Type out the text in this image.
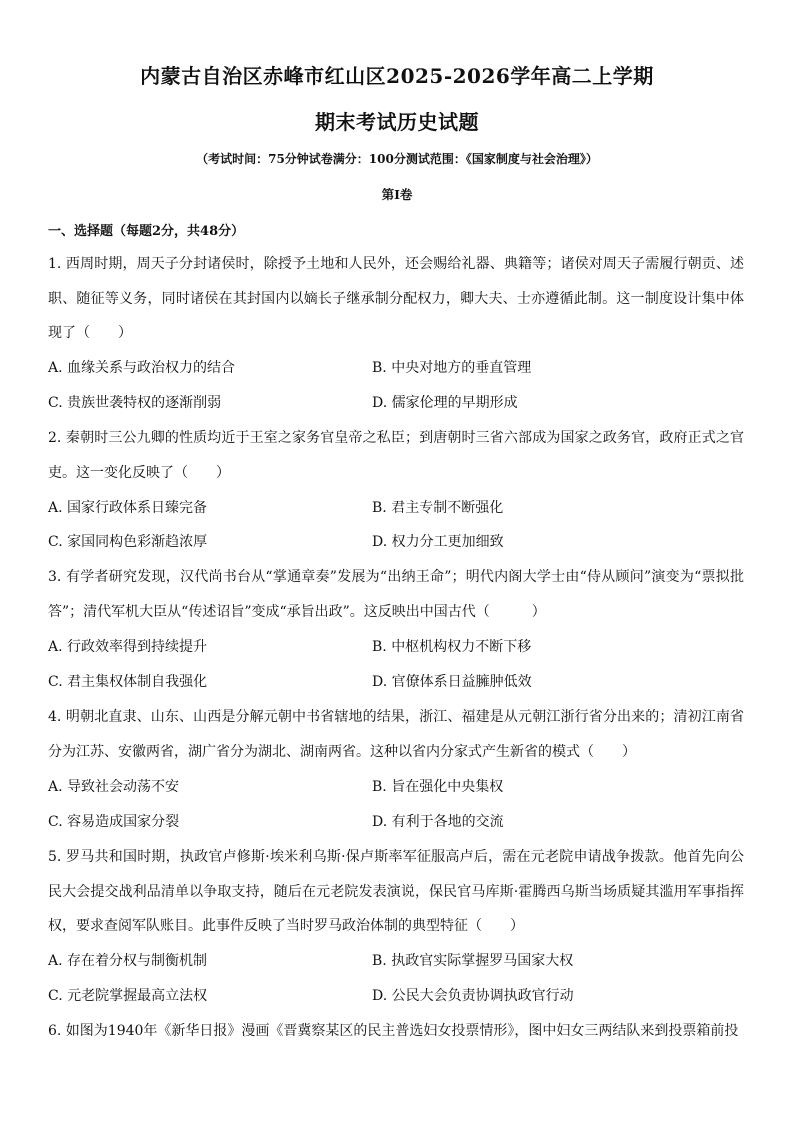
内蒙古自治区赤峰市红山区2025-2026学年高二上学期
期末考试历史试题
（考试时间：75分钟试卷满分：100分测试范围：《国家制度与社会治理》）
第I卷
一、选择题（每题2分，共48分）
1. 西周时期，周天子分封诸侯时，除授予土地和人民外，还会赐给礼器、典籍等；诸侯对周天子需履行朝贡、述职、随征等义务，同时诸侯在其封国内以嫡长子继承制分配权力，卿大夫、士亦遵循此制。这一制度设计集中体现了（　　）
A. 血缘关系与政治权力的结合	B. 中央对地方的垂直管理
C. 贵族世袭特权的逐渐削弱	D. 儒家伦理的早期形成
2. 秦朝时三公九卿的性质均近于王室之家务官皇帝之私臣；到唐朝时三省六部成为国家之政务官，政府正式之官吏。这一变化反映了（　　）
A. 国家行政体系日臻完备	B. 君主专制不断强化
C. 家国同构色彩渐趋浓厚	D. 权力分工更加细致
3. 有学者研究发现，汉代尚书台从“掌通章奏”发展为“出纳王命”；明代内阁大学士由“侍从顾问”演变为“票拟批答”；清代军机大臣从“传述诏旨”变成“承旨出政”。这反映出中国古代（　　　）
A. 行政效率得到持续提升	B. 中枢机构权力不断下移
C. 君主集权体制自我强化	D. 官僚体系日益臃肿低效
4. 明朝北直隶、山东、山西是分解元朝中书省辖地的结果，浙江、福建是从元朝江浙行省分出来的；清初江南省分为江苏、安徽两省，湖广省分为湖北、湖南两省。这种以省内分家式产生新省的模式（　　）
A. 导致社会动荡不安	B. 旨在强化中央集权
C. 容易造成国家分裂	D. 有利于各地的交流
5. 罗马共和国时期，执政官卢修斯·埃米利乌斯·保卢斯率军征服高卢后，需在元老院申请战争拨款。他首先向公民大会提交战利品清单以争取支持，随后在元老院发表演说，保民官马库斯·霍腾西乌斯当场质疑其滥用军事指挥权，要求查阅军队账目。此事件反映了当时罗马政治体制的典型特征（　　）
A. 存在着分权与制衡机制	B. 执政官实际掌握罗马国家大权
C. 元老院掌握最高立法权	D. 公民大会负责协调执政官行动
6. 如图为1940年《新华日报》漫画《晋冀察某区的民主普选妇女投票情形》，图中妇女三两结队来到投票箱前投
